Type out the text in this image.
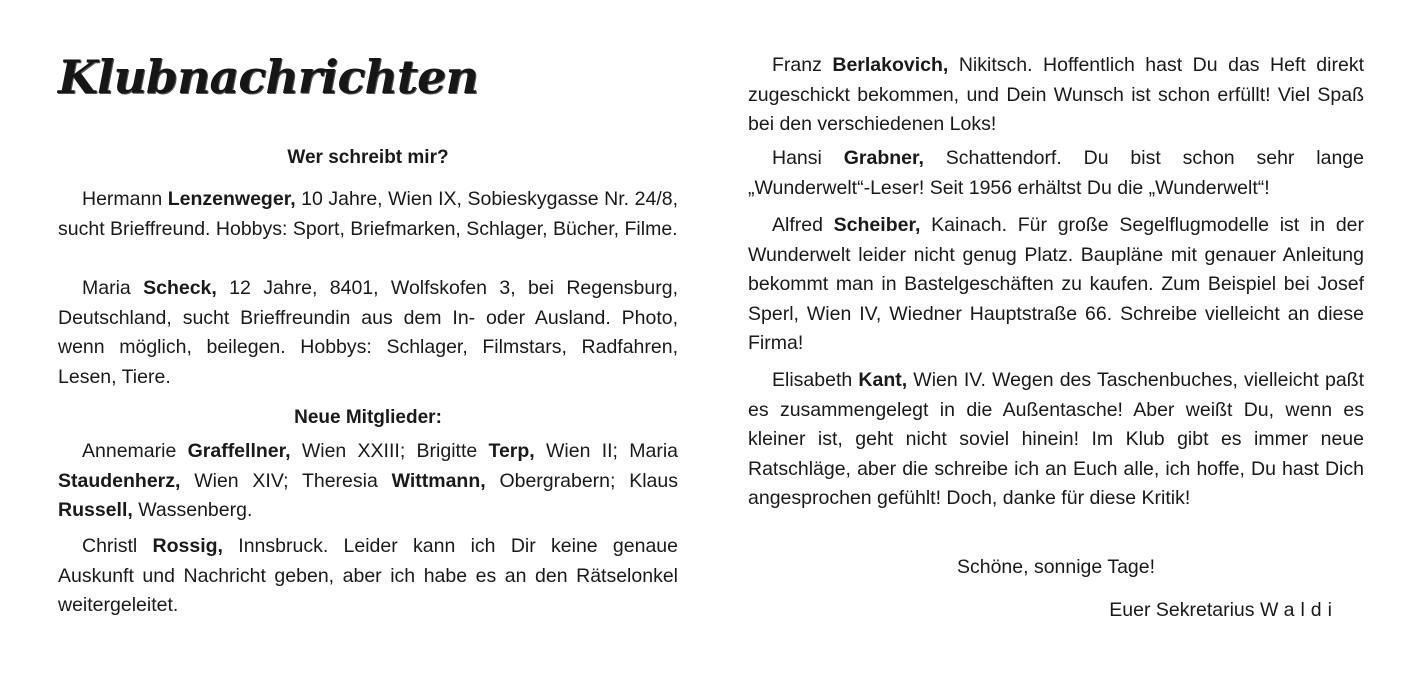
Klubnachrichten

Wer schreibt mir?

Hermann Lenzenweger, 10 Jahre, Wien IX, Sobieskygasse Nr. 24/8, sucht Brieffreund. Hobbys: Sport, Briefmarken, Schlager, Bücher, Filme.

Maria Scheck, 12 Jahre, 8401, Wolfskofen 3, bei Regensburg, Deutschland, sucht Brieffreundin aus dem In- oder Ausland. Photo, wenn möglich, beilegen. Hobbys: Schlager, Filmstars, Radfahren, Lesen, Tiere.

Neue Mitglieder:

Annemarie Graffellner, Wien XXIII; Brigitte Terp, Wien II; Maria Staudenherz, Wien XIV; Theresia Wittmann, Obergrabern; Klaus Russell, Wassenberg.

Christl Rossig, Innsbruck. Leider kann ich Dir keine genaue Auskunft und Nachricht geben, aber ich habe es an den Rätselonkel weitergeleitet.

Franz Berlakovich, Nikitsch. Hoffentlich hast Du das Heft direkt zugeschickt bekommen, und Dein Wunsch ist schon erfüllt! Viel Spaß bei den verschiedenen Loks!

Hansi Grabner, Schattendorf. Du bist schon sehr lange „Wunderwelt“-Leser! Seit 1956 erhältst Du die „Wunderwelt“!

Alfred Scheiber, Kainach. Für große Segelflugmodelle ist in der Wunderwelt leider nicht genug Platz. Baupläne mit genauer Anleitung bekommt man in Bastelgeschäften zu kaufen. Zum Beispiel bei Josef Sperl, Wien IV, Wiedner Hauptstraße 66. Schreibe vielleicht an diese Firma!

Elisabeth Kant, Wien IV. Wegen des Taschenbuches, vielleicht paßt es zusammengelegt in die Außentasche! Aber weißt Du, wenn es kleiner ist, geht nicht soviel hinein! Im Klub gibt es immer neue Ratschläge, aber die schreibe ich an Euch alle, ich hoffe, Du hast Dich angesprochen gefühlt! Doch, danke für diese Kritik!

Schöne, sonnige Tage!

Euer Sekretarius Waldi
